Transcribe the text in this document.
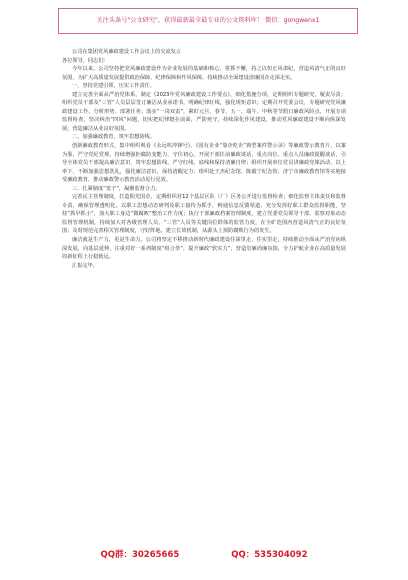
关注头条号"公文研究"，获得最新最全最专业的公文资料库！ 微信：gongwenx1

公司在集团党风廉政建设工作会议上的交流发言

各位领导，同志们：

今年以来，公司坚持把党风廉政建设作为企业发展的基础和核心，常抓不懈，持之以恒正风肃纪，营造风清气正的良好氛围，为扩大高质量发展提供政治保障、纪律保障和作风保障，持续推动全面建设清廉国企走深走实。

一、坚持党建引领，压实工作责任。

建立完善全面从严治党体系，制定《2023年党风廉政建设工作要点》，细化措施分项，定期组织专题研究，履责尽责；组织党员干部及“三管”人员层层签订廉洁从业承诺书，明确纪律红线，强化规矩意识；定期召开党委会议，专题研究党风廉政建设工作，分析形势、部署任务；落实“一岗双责”，紧盯元旦、春节、五一、端午、中秋等节假日廉政风险点，开展专项监督检查，坚决纠治“四风”问题，切实把纪律挺在前面，严防死守，持续深化作风建设，推动党风廉政建设不断向纵深发展，营造廉洁从业良好氛围。

二、加强廉政教育，筑牢思想防线。

创新廉政教育形式，集中组织观看《永远吹冲锋号》、《国有企业“靠企吃企”典型案件警示录》等廉政警示教育片，以案为鉴、严守党纪党规，持续增强拒腐防变能力，守住初心。开展干部任前廉政谈话，重点岗位、重点人员廉政提醒谈话，引导全体党员干部提高廉洁意识，筑牢思想防线，严守红线、底线和保持清廉自律；组织开展单位党员讲廉政党课活动，以上率下，不断加强思想洗礼，强化廉洁意识，保持清醒定力；组织赴王杰纪念馆、陈毅宁纪念馆、济宁市廉政教育馆等实地接受廉政教育，推动廉政警示教育活动见行见效。

三、扎紧制度“笼子”，凝聚监督合力。

完善民主管理制度，打造阳光国企，定期组织对12个基层区队（厂）区务公开进行监督检查；细化监督主体责任和监督专责，确保管理透明化，以职工思想动态研判及职工接待为抓手，畅通信息反馈渠道，充分发挥好职工群众监督职能，坚持“抓早抓小”，加大职工身边“微腐败”整治工作力度；执行干部廉政档案管理制度，建立党委党员领导干部、监察对象动态监督管理机制，持续加大对各级管理人员、“三管”人员等关键岗位群体的监管力度，在全矿范围内营造风清气正的良好氛围；及时规范完善相关管理制度，守好阵地，建立长效机制，从源头上预防腐败行为的发生。

廉洁就是生产力，更是生命力。公司将坚定不移推动新时代廉政建设往深里走、往实里走，持续推动全面从严治党向纵深发展，向基层延伸，注重对好一系列制度“组合拳”，提升廉政“软实力”，营造崇廉尚廉氛围，全力护航企业在高质量发展的新征程上行稳致远。

汇报完毕。

QQ群：30265665	QQ：535304092
